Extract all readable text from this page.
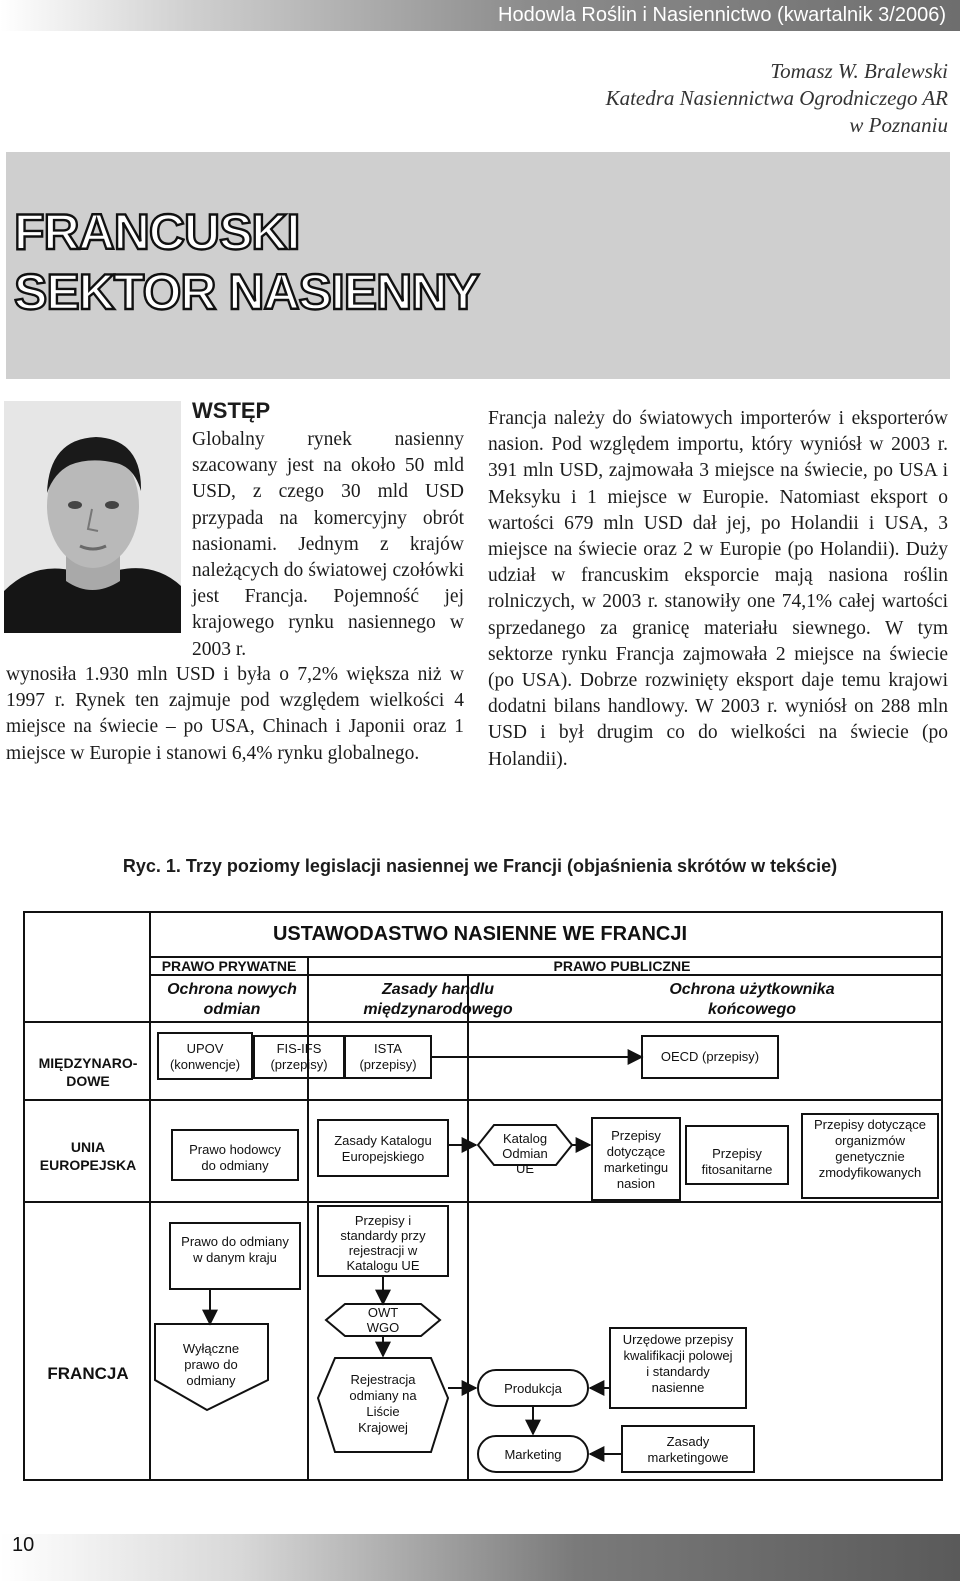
Hodowla Roślin i Nasiennictwo (kwartalnik 3/2006)
Tomasz W. Bralewski
Katedra Nasiennictwa Ogrodniczego AR
w Poznaniu
FRANCUSKI
SEKTOR NASIENNY
WSTĘP
Globalny rynek nasienny szacowany jest na około 50 mld USD, z czego 30 mld USD przypada na komercyjny obrót nasionami. Jednym z krajów należących do światowej czołówki jest Francja. Pojemność jej krajowego rynku nasiennego w 2003 r.
wynosiła 1.930 mln USD i była o 7,2% większa niż w 1997 r. Rynek ten zajmuje pod względem wielkości 4 miejsce na świecie – po USA, Chinach i Japonii oraz 1 miejsce w Europie i stanowi 6,4% rynku globalnego.
Francja należy do światowych importerów i eksporterów nasion. Pod względem importu, który wyniósł w 2003 r. 391 mln USD, zajmowała 3 miejsce na świecie, po USA i Meksyku i 1 miejsce w Europie. Natomiast eksport o wartości 679 mln USD dał jej, po Holandii i USA, 3 miejsce na świecie oraz 2 w Europie (po Holandii). Duży udział w francuskim eksporcie mają nasiona roślin rolniczych, w 2003 r. stanowiły one 74,1% całej wartości sprzedanego za granicę materiału siewnego. W tym sektorze rynku Francja zajmowała 2 miejsce na świecie (po USA). Dobrze rozwinięty eksport daje temu krajowi dodatni bilans handlowy. W 2003 r. wyniósł on 288 mln USD i był drugim co do wielkości na świecie (po Holandii).
Ryc. 1. Trzy poziomy legislacji nasiennej we Francji (objaśnienia skrótów w tekście)
USTAWODASTWO NASIENNE WE FRANCJI
PRAWO PRYWATNE	PRAWO PUBLICZNE
Ochrona nowych
odmian
Zasady handlu
międzynarodowego
Ochrona użytkownika
końcowego
MIĘDZYNARO-
DOWE
UNIA
EUROPEJSKA
FRANCJA
UPOV
(konwencje)
FIS-IFS
(przepisy)
ISTA
(przepisy)
OECD (przepisy)
Prawo hodowcy
do odmiany
Zasady Katalogu
Europejskiego
Katalog
Odmian
UE
Przepisy
dotyczące
marketingu
nasion
Przepisy
fitosanitarne
Przepisy dotyczące
organizmów
genetycznie
zmodyfikowanych
Prawo do odmiany
w danym kraju
Przepisy i
standardy przy
rejestracji w
Katalogu UE
Wyłączne
prawo do
odmiany
OWT
WGO
Rejestracja
odmiany na
Liście
Krajowej
Produkcja
Marketing
Urzędowe przepisy
kwalifikacji polowej
i standardy
nasienne
Zasady
marketingowe
10
